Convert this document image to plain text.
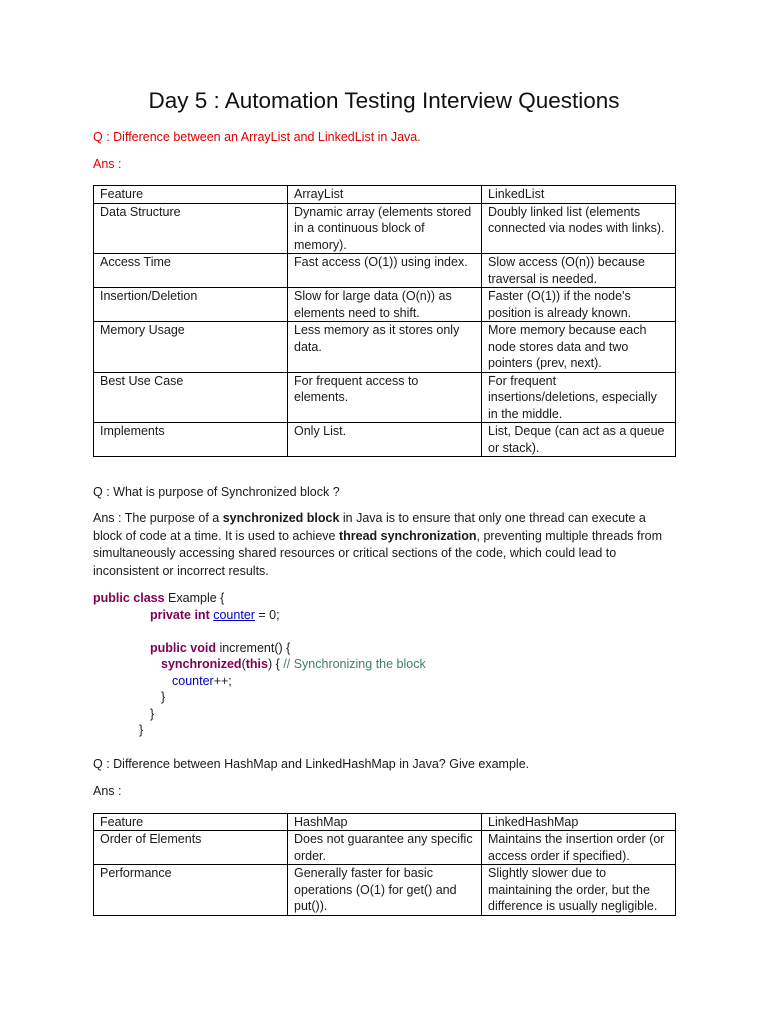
Day 5 : Automation Testing Interview Questions
Q : Difference between an ArrayList and LinkedList in Java.
Ans :
Feature	ArrayList	LinkedList
Data Structure	Dynamic array (elements stored in a continuous block of memory).	Doubly linked list (elements connected via nodes with links).
Access Time	Fast access (O(1)) using index.	Slow access (O(n)) because traversal is needed.
Insertion/Deletion	Slow for large data (O(n)) as elements need to shift.	Faster (O(1)) if the node's position is already known.
Memory Usage	Less memory as it stores only data.	More memory because each node stores data and two pointers (prev, next).
Best Use Case	For frequent access to elements.	For frequent insertions/deletions, especially in the middle.
Implements	Only List.	List, Deque (can act as a queue or stack).
Q : What is purpose of Synchronized block ?
Ans : The purpose of a synchronized block in Java is to ensure that only one thread can execute a block of code at a time. It is used to achieve thread synchronization, preventing multiple threads from simultaneously accessing shared resources or critical sections of the code, which could lead to inconsistent or incorrect results.
public class Example {
private int counter = 0;
public void increment() {
synchronized(this) { // Synchronizing the block
counter++;
}
}
}
Q : Difference between HashMap and LinkedHashMap in Java? Give example.
Ans :
Feature	HashMap	LinkedHashMap
Order of Elements	Does not guarantee any specific order.	Maintains the insertion order (or access order if specified).
Performance	Generally faster for basic operations (O(1) for get() and put()).	Slightly slower due to maintaining the order, but the difference is usually negligible.
